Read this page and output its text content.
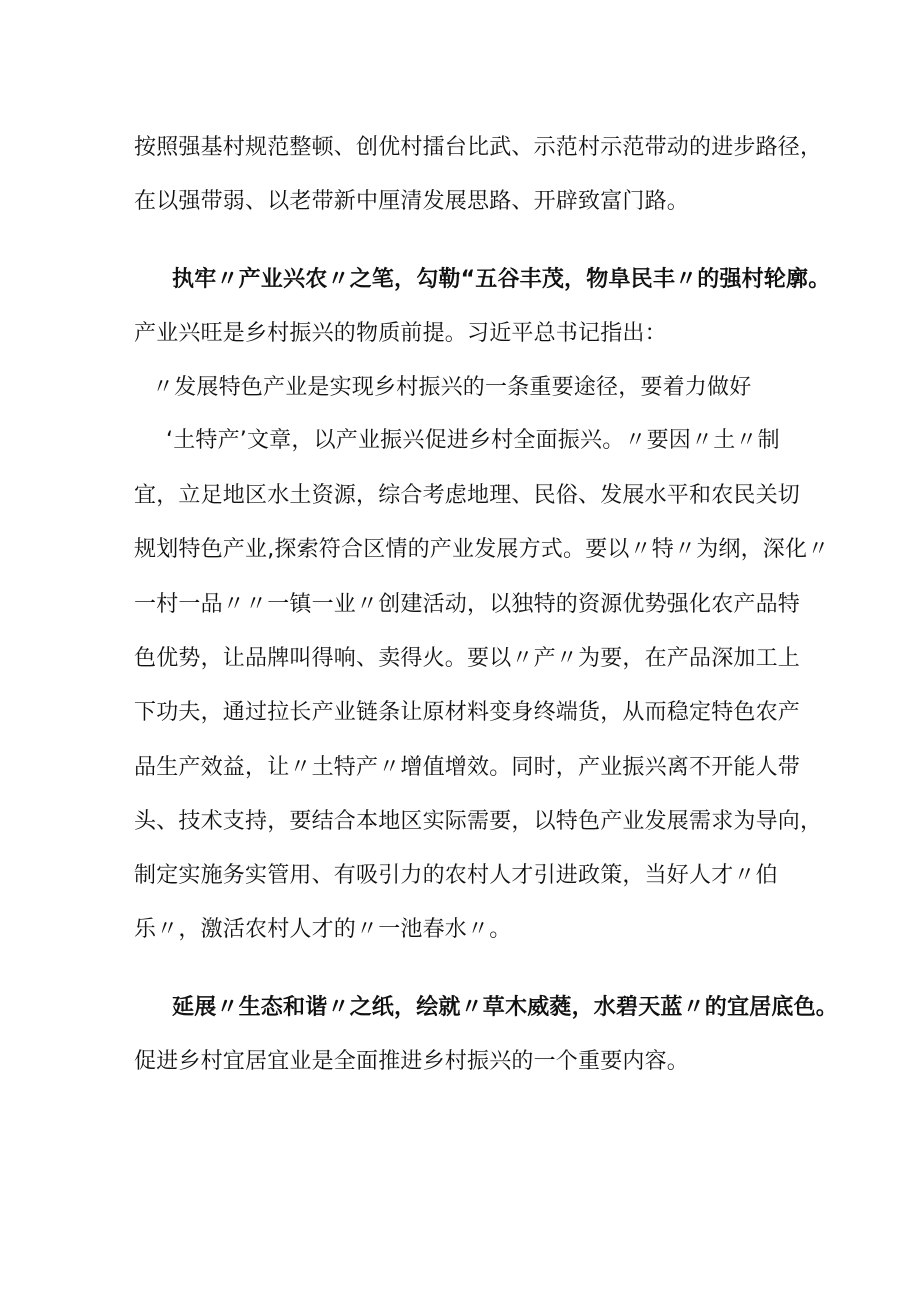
按照强基村规范整顿、创优村擂台比武、示范村示范带动的进步路径，
在以强带弱、以老带新中厘清发展思路、开辟致富门路。
执牢〃产业兴农〃之笔，勾勒“五谷丰茂，物阜民丰〃的强村轮廓。
产业兴旺是乡村振兴的物质前提。习近平总书记指出：
〃发展特色产业是实现乡村振兴的一条重要途径，要着力做好
‘土特产’文章，以产业振兴促进乡村全面振兴。〃要因〃土〃制
宜，立足地区水土资源，综合考虑地理、民俗、发展水平和农民关切
规划特色产业,探索符合区情的产业发展方式。要以〃特〃为纲，深化〃
一村一品〃〃一镇一业〃创建活动，以独特的资源优势强化农产品特
色优势，让品牌叫得响、卖得火。要以〃产〃为要，在产品深加工上
下功夫，通过拉长产业链条让原材料变身终端货，从而稳定特色农产
品生产效益，让〃土特产〃增值增效。同时，产业振兴离不开能人带
头、技术支持，要结合本地区实际需要，以特色产业发展需求为导向，
制定实施务实管用、有吸引力的农村人才引进政策，当好人才〃伯
乐〃，激活农村人才的〃一池春水〃。
延展〃生态和谐〃之纸，绘就〃草木威蕤，水碧天蓝〃的宜居底色。
促进乡村宜居宜业是全面推进乡村振兴的一个重要内容。
